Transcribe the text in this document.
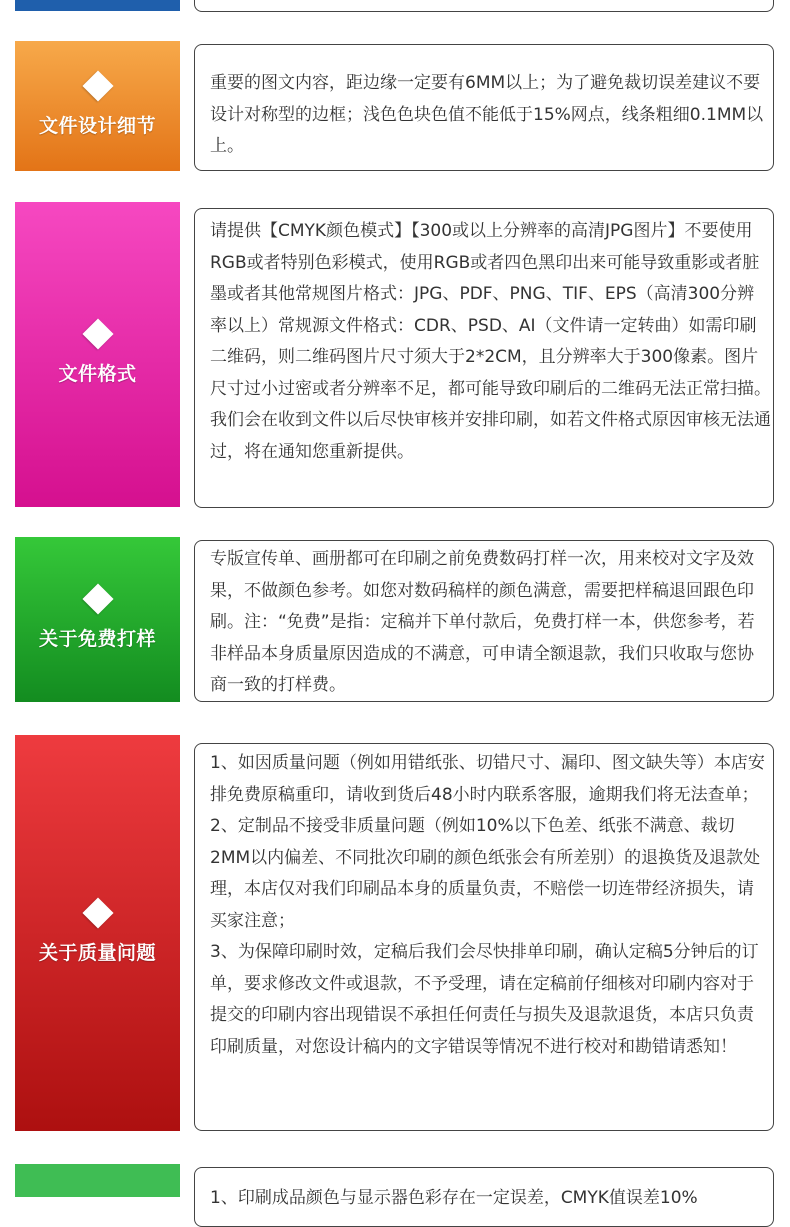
2
文件设计细节

重要的图文内容，距边缘一定要有6MM以上；为了避免裁切误差建议不要设计对称型的边框；浅色色块色值不能低于15%网点，线条粗细0.1MM以上。

3
文件格式

请提供【CMYK颜色模式】【300或以上分辨率的高清JPG图片】不要使用RGB或者特别色彩模式，使用RGB或者四色黑印出来可能导致重影或者脏墨或者其他常规图片格式：JPG、PDF、PNG、TIF、EPS（高清300分辨率以上）常规源文件格式：CDR、PSD、AI（文件请一定转曲）如需印刷二维码，则二维码图片尺寸须大于2*2CM，且分辨率大于300像素。图片尺寸过小过密或者分辨率不足，都可能导致印刷后的二维码无法正常扫描。我们会在收到文件以后尽快审核并安排印刷，如若文件格式原因审核无法通过，将在通知您重新提供。

4
关于免费打样

专版宣传单、画册都可在印刷之前免费数码打样一次，用来校对文字及效果，不做颜色参考。如您对数码稿样的颜色满意，需要把样稿退回跟色印刷。注：“免费”是指：定稿并下单付款后，免费打样一本，供您参考，若非样品本身质量原因造成的不满意，可申请全额退款，我们只收取与您协商一致的打样费。

5
关于质量问题

1、如因质量问题（例如用错纸张、切错尺寸、漏印、图文缺失等）本店安排免费原稿重印，请收到货后48小时内联系客服，逾期我们将无法查单；

2、定制品不接受非质量问题（例如10%以下色差、纸张不满意、裁切2MM以内偏差、不同批次印刷的颜色纸张会有所差别）的退换货及退款处理，本店仅对我们印刷品本身的质量负责，不赔偿一切连带经济损失，请买家注意；

3、为保障印刷时效，定稿后我们会尽快排单印刷，确认定稿5分钟后的订单，要求修改文件或退款，不予受理，请在定稿前仔细核对印刷内容对于提交的印刷内容出现错误不承担任何责任与损失及退款退货，本店只负责印刷质量，对您设计稿内的文字错误等情况不进行校对和勘错请悉知！

1、印刷成品颜色与显示器色彩存在一定误差，CMYK值误差10%
